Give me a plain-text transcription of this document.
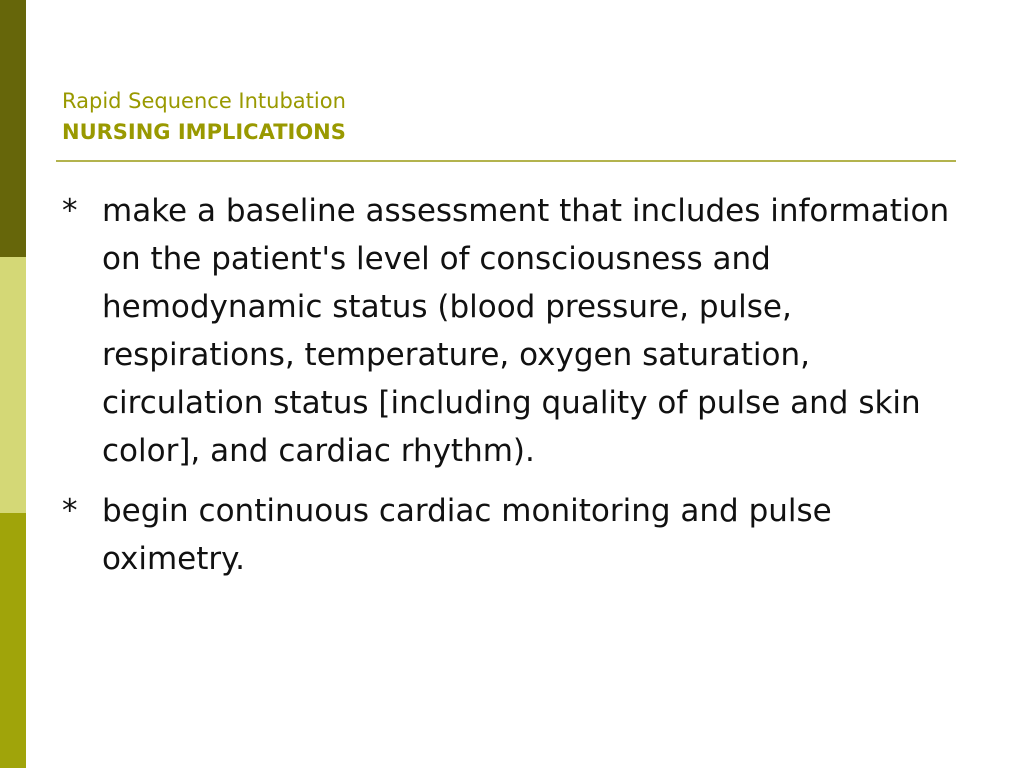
Rapid Sequence Intubation
NURSING IMPLICATIONS
* make a baseline assessment that includes information on the patient's level of consciousness and hemodynamic status (blood pressure, pulse, respirations, temperature, oxygen saturation, circulation status [including quality of pulse and skin color], and cardiac rhythm).
* begin continuous cardiac monitoring and pulse oximetry.
